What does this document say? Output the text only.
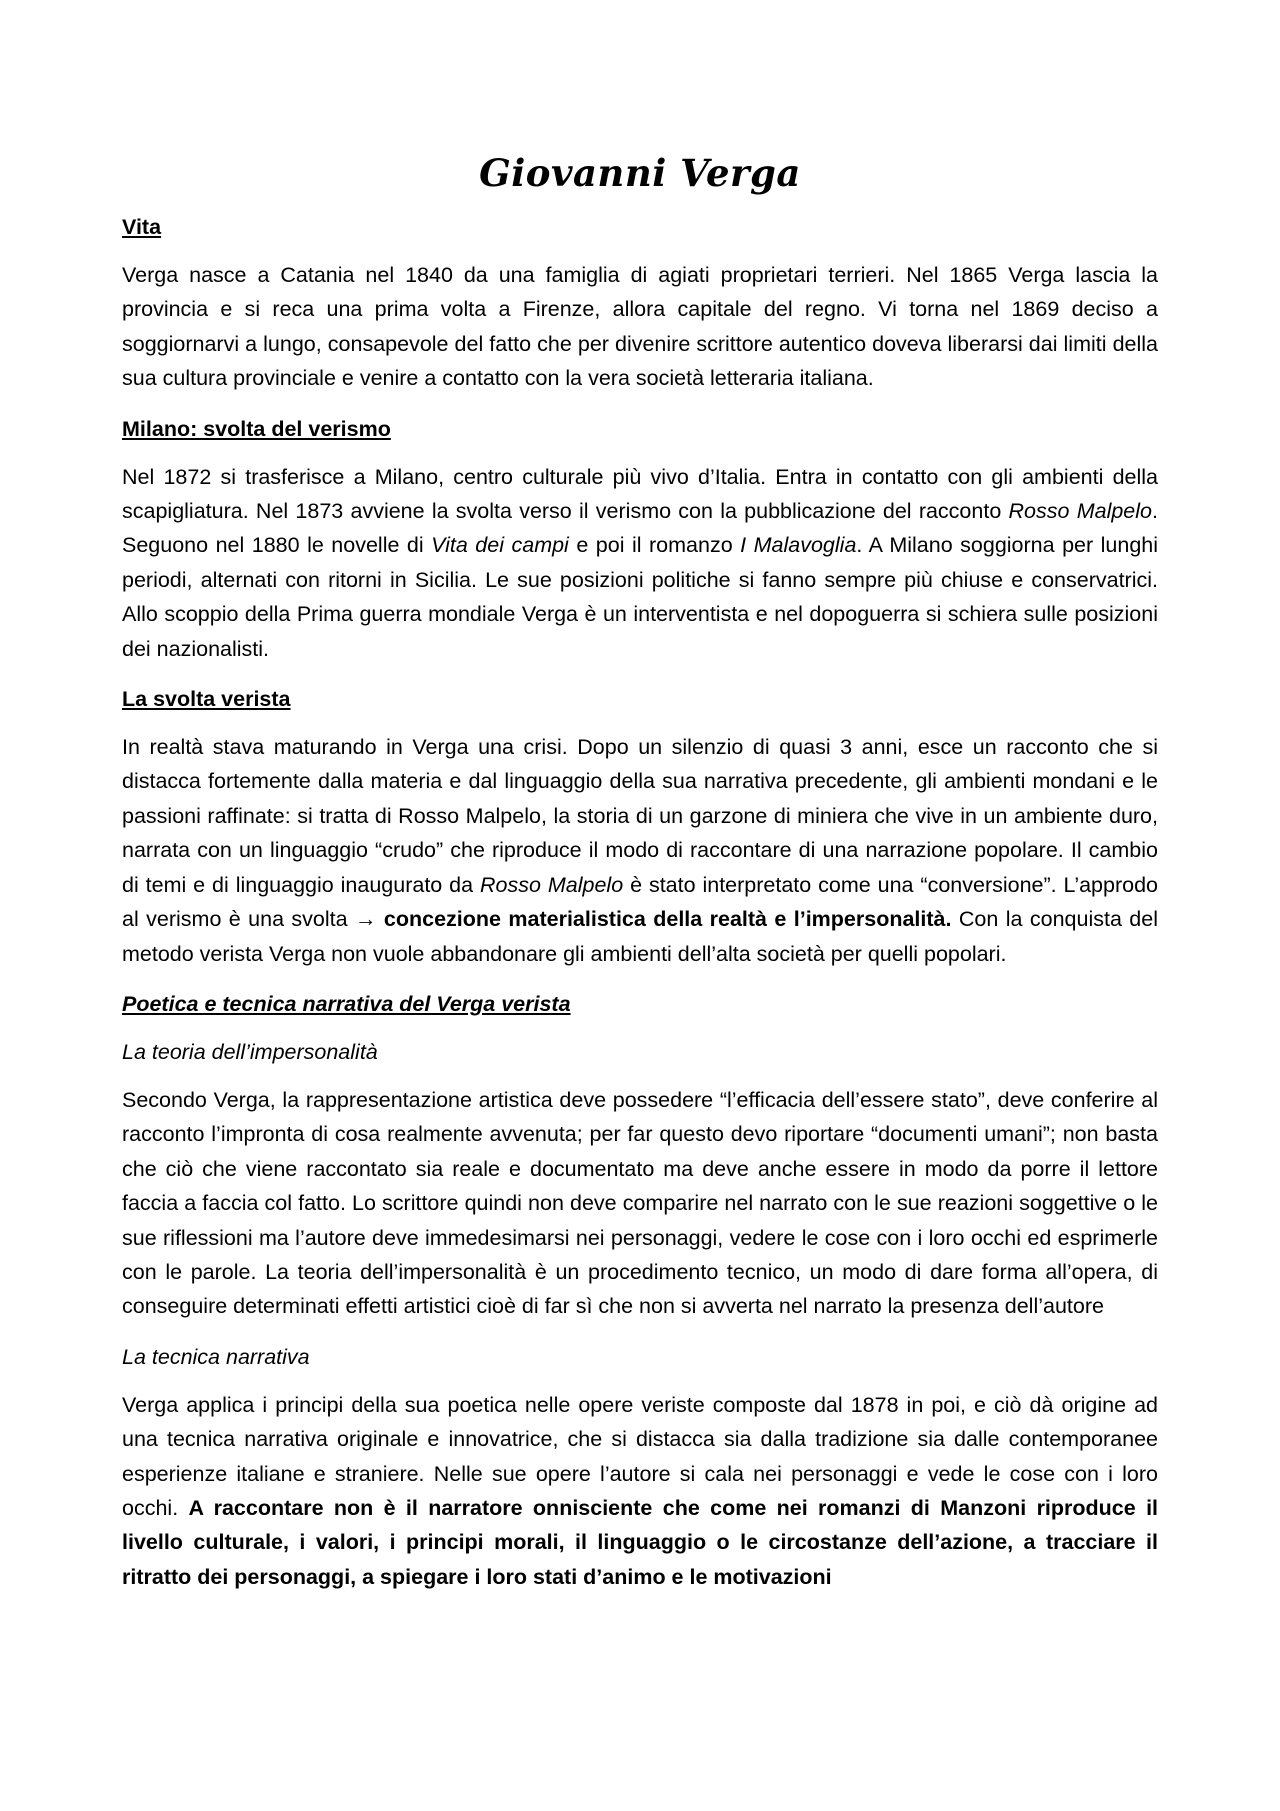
Giovanni Verga
Vita

Verga nasce a Catania nel 1840 da una famiglia di agiati proprietari terrieri. Nel 1865 Verga lascia la provincia e si reca una prima volta a Firenze, allora capitale del regno. Vi torna nel 1869 deciso a soggiornarvi a lungo, consapevole del fatto che per divenire scrittore autentico doveva liberarsi dai limiti della sua cultura provinciale e venire a contatto con la vera società letteraria italiana.

Milano: svolta del verismo

Nel 1872 si trasferisce a Milano, centro culturale più vivo d’Italia. Entra in contatto con gli ambienti della scapigliatura. Nel 1873 avviene la svolta verso il verismo con la pubblicazione del racconto Rosso Malpelo. Seguono nel 1880 le novelle di Vita dei campi e poi il romanzo I Malavoglia. A Milano soggiorna per lunghi periodi, alternati con ritorni in Sicilia. Le sue posizioni politiche si fanno sempre più chiuse e conservatrici. Allo scoppio della Prima guerra mondiale Verga è un interventista e nel dopoguerra si schiera sulle posizioni dei nazionalisti.

La svolta verista

In realtà stava maturando in Verga una crisi. Dopo un silenzio di quasi 3 anni, esce un racconto che si distacca fortemente dalla materia e dal linguaggio della sua narrativa precedente, gli ambienti mondani e le passioni raffinate: si tratta di Rosso Malpelo, la storia di un garzone di miniera che vive in un ambiente duro, narrata con un linguaggio “crudo” che riproduce il modo di raccontare di una narrazione popolare. Il cambio di temi e di linguaggio inaugurato da Rosso Malpelo è stato interpretato come una “conversione”. L’approdo al verismo è una svolta → concezione materialistica della realtà e l’impersonalità. Con la conquista del metodo verista Verga non vuole abbandonare gli ambienti dell’alta società per quelli popolari.

Poetica e tecnica narrativa del Verga verista
La teoria dell’impersonalità

Secondo Verga, la rappresentazione artistica deve possedere “l’efficacia dell’essere stato”, deve conferire al racconto l’impronta di cosa realmente avvenuta; per far questo devo riportare “documenti umani”; non basta che ciò che viene raccontato sia reale e documentato ma deve anche essere in modo da porre il lettore faccia a faccia col fatto. Lo scrittore quindi non deve comparire nel narrato con le sue reazioni soggettive o le sue riflessioni ma l’autore deve immedesimarsi nei personaggi, vedere le cose con i loro occhi ed esprimerle con le parole. La teoria dell’impersonalità è un procedimento tecnico, un modo di dare forma all’opera, di conseguire determinati effetti artistici cioè di far sì che non si avverta nel narrato la presenza dell’autore

La tecnica narrativa

Verga applica i principi della sua poetica nelle opere veriste composte dal 1878 in poi, e ciò dà origine ad una tecnica narrativa originale e innovatrice, che si distacca sia dalla tradizione sia dalle contemporanee esperienze italiane e straniere. Nelle sue opere l’autore si cala nei personaggi e vede le cose con i loro occhi. A raccontare non è il narratore onnisciente che come nei romanzi di Manzoni riproduce il livello culturale, i valori, i principi morali, il linguaggio o le circostanze dell’azione, a tracciare il ritratto dei personaggi, a spiegare i loro stati d’animo e le motivazioni
